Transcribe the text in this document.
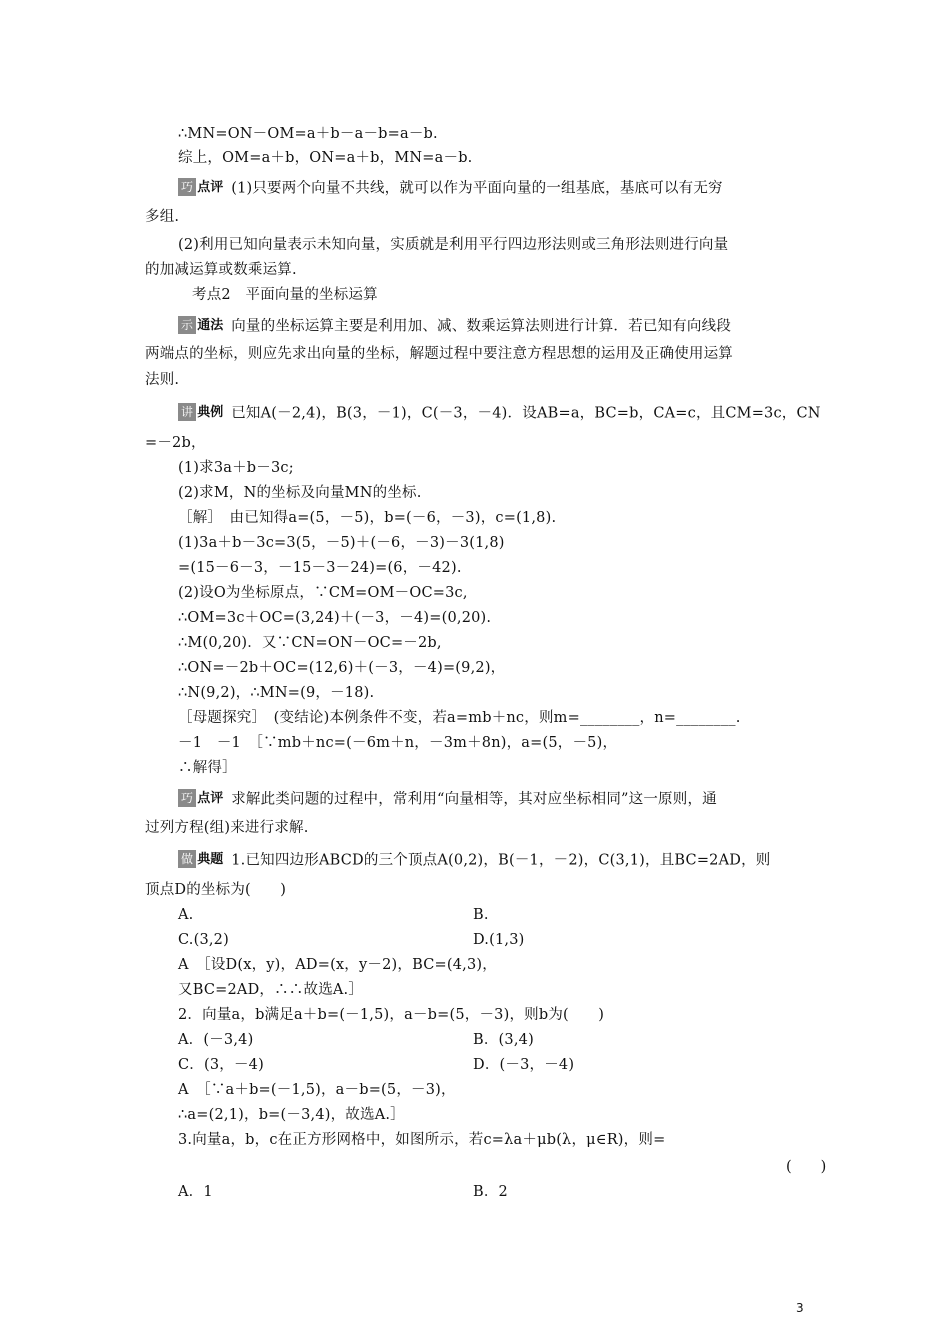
∴MN=ON－OM=a＋b－a－b=a－b.
综上，OM=a＋b，ON=a＋b，MN=a－b.
巧 点评 (1)只要两个向量不共线，就可以作为平面向量的一组基底，基底可以有无穷
多组.
(2)利用已知向量表示未知向量，实质就是利用平行四边形法则或三角形法则进行向量
的加减运算或数乘运算.
考点2　平面向量的坐标运算
示 通法 向量的坐标运算主要是利用加、减、数乘运算法则进行计算．若已知有向线段
两端点的坐标，则应先求出向量的坐标，解题过程中要注意方程思想的运用及正确使用运算
法则.
讲 典例 已知A(－2,4)，B(3，－1)，C(－3，－4)．设AB=a，BC=b，CA=c，且CM=3c，CN
=－2b，
(1)求3a＋b－3c;
(2)求M，N的坐标及向量MN的坐标.
［解］　由已知得a=(5，－5)，b=(－6，－3)，c=(1,8).
(1)3a＋b－3c=3(5，－5)＋(－6，－3)－3(1,8)
=(15－6－3，－15－3－24)=(6，－42).
(2)设O为坐标原点，∵CM=OM－OC=3c,
∴OM=3c＋OC=(3,24)＋(－3，－4)=(0,20).
∴M(0,20)．又∵CN=ON－OC=－2b,
∴ON=－2b＋OC=(12,6)＋(－3，－4)=(9,2)，
∴N(9,2)，∴MN=(9，－18).
［母题探究］　(变结论)本例条件不变，若a=mb＋nc，则m=________，n=________.
－1　－1　［∵mb＋nc=(－6m＋n，－3m＋8n)，a=(5，－5)，
∴解得］
巧 点评 求解此类问题的过程中，常利用“向量相等，其对应坐标相同”这一原则，通
过列方程(组)来进行求解.
做 典题 1.已知四边形ABCD的三个顶点A(0,2)，B(－1，－2)，C(3,1)，且BC=2AD，则
顶点D的坐标为(　　)
A.	B.
C.(3,2)	D.(1,3)
A　［设D(x，y)，AD=(x，y－2)，BC=(4,3)，
又BC=2AD，∴∴故选A.］
2．向量a，b满足a＋b=(－1,5)，a－b=(5，－3)，则b为(　　)
A．(－3,4)	B．(3,4)
C．(3，－4)	D．(－3，－4)
A　［∵a＋b=(－1,5)，a－b=(5，－3)，
∴a=(2,1)，b=(－3,4)，故选A.］
3.向量a，b，c在正方形网格中，如图所示，若c=λa＋μb(λ，μ∈R)，则=
(　　)
A．1	B．2
3
